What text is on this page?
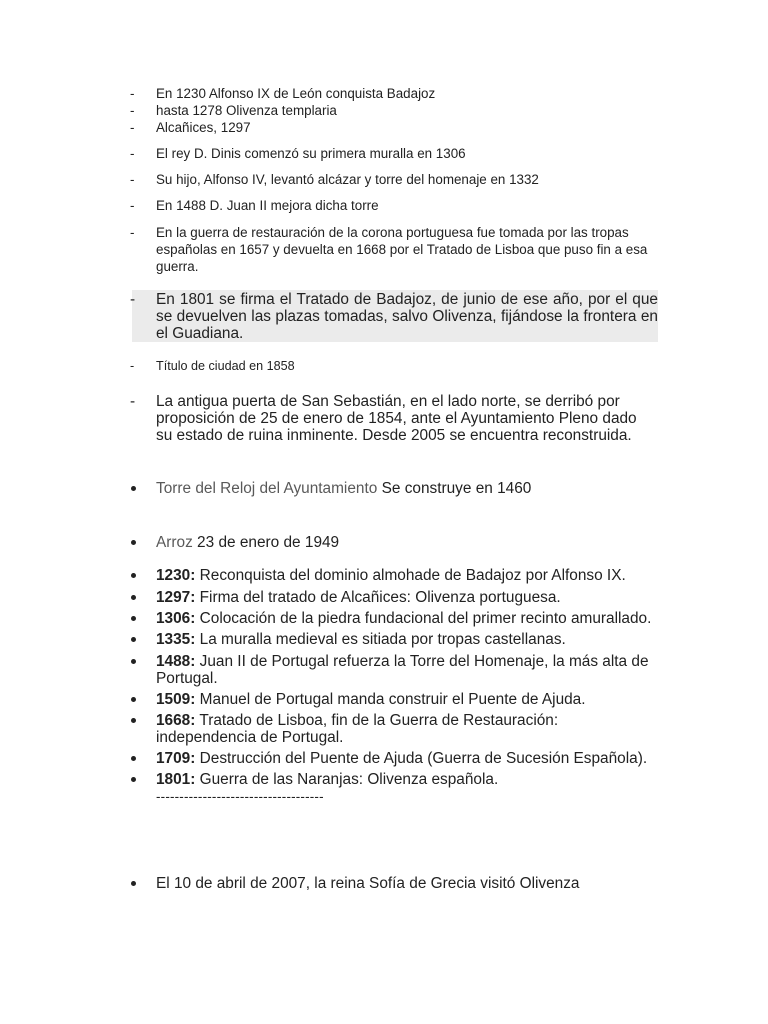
-	En 1230 Alfonso IX de León conquista Badajoz
-	hasta 1278 Olivenza templaria
-	Alcañices, 1297
-	El rey D. Dinis comenzó su primera muralla en 1306
-	Su hijo, Alfonso IV, levantó alcázar y torre del homenaje en 1332
-	En 1488 D. Juan II mejora dicha torre
-	En la guerra de restauración de la corona portuguesa fue tomada por las tropas españolas en 1657 y devuelta en 1668 por el Tratado de Lisboa que puso fin a esa guerra.
-	En 1801 se firma el Tratado de Badajoz, de junio de ese año, por el que se devuelven las plazas tomadas, salvo Olivenza, fijándose la frontera en el Guadiana.
-	Título de ciudad en 1858
-	La antigua puerta de San Sebastián, en el lado norte, se derribó por proposición de 25 de enero de 1854, ante el Ayuntamiento Pleno dado su estado de ruina inminente. Desde 2005 se encuentra reconstruida.
Torre del Reloj del Ayuntamiento Se construye en 1460
Arroz 23 de enero de 1949
1230: Reconquista del dominio almohade de Badajoz por Alfonso IX.
1297: Firma del tratado de Alcañices: Olivenza portuguesa.
1306: Colocación de la piedra fundacional del primer recinto amurallado.
1335: La muralla medieval es sitiada por tropas castellanas.
1488: Juan II de Portugal refuerza la Torre del Homenaje, la más alta de Portugal.
1509: Manuel de Portugal manda construir el Puente de Ajuda.
1668: Tratado de Lisboa, fin de la Guerra de Restauración: independencia de Portugal.
1709: Destrucción del Puente de Ajuda (Guerra de Sucesión Española).
1801: Guerra de las Naranjas: Olivenza española.
------------------------------------
El 10 de abril de 2007, la reina Sofía de Grecia visitó Olivenza
